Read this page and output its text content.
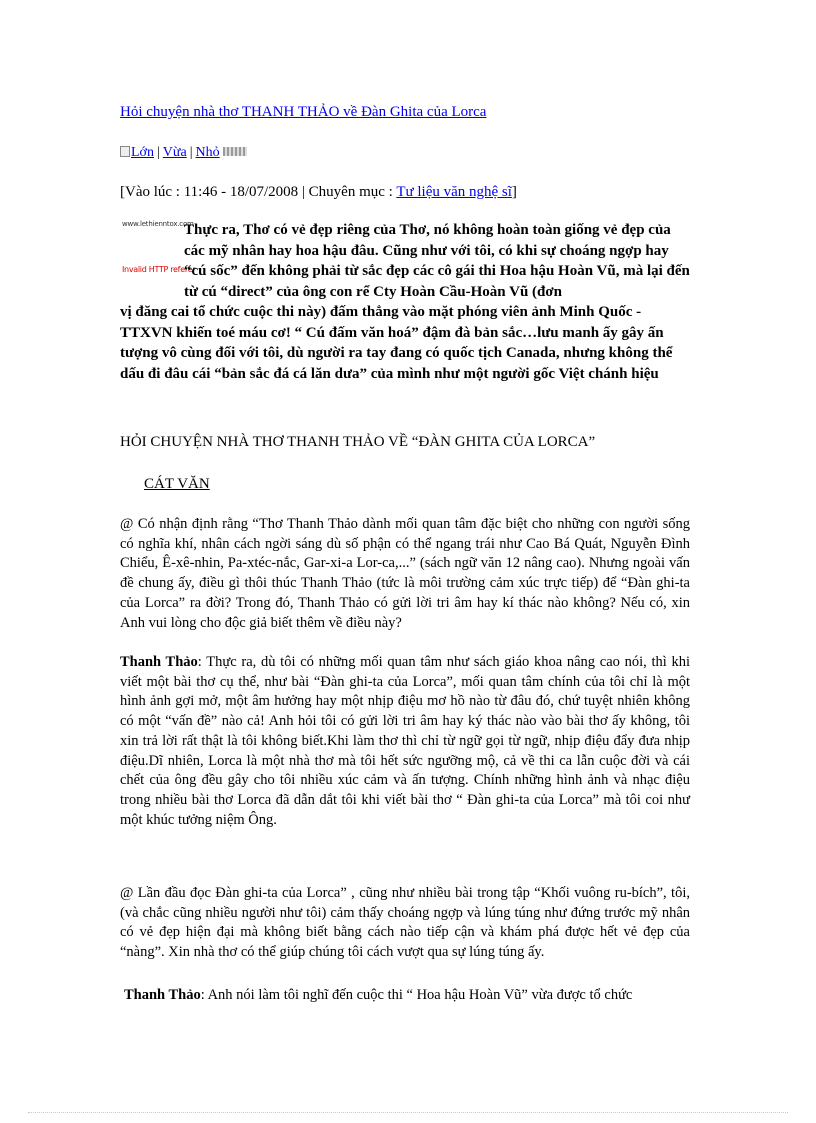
Hỏi chuyện nhà thơ THANH THẢO về Đàn Ghita của Lorca
Lớn | Vừa | Nhỏ
[Vào lúc : 11:46 - 18/07/2008 | Chuyên mục : Tư liệu văn nghệ sĩ]
www.lethienntox.com
Invalid HTTP referer
Thực ra, Thơ có vẻ đẹp riêng của Thơ, nó không hoàn toàn giống vẻ đẹp của các mỹ nhân hay hoa hậu đâu. Cũng như với tôi, có khi sự choáng ngợp hay “cú sốc” đến không phải từ sắc đẹp các cô gái thi Hoa hậu Hoàn Vũ, mà lại đến từ cú “direct” của ông con rể Cty Hoàn Cầu-Hoàn Vũ (đơn
vị đăng cai tổ chức cuộc thi này) đấm thẳng vào mặt phóng viên ảnh Minh Quốc - TTXVN khiến toé máu cơ! “ Cú đấm văn hoá” đậm đà bản sắc…lưu manh ấy gây ấn tượng vô cùng đối với tôi, dù người ra tay đang có quốc tịch Canada, nhưng không thể dấu đi đâu cái “bản sắc đá cá lăn dưa” của mình như một người gốc Việt chánh hiệu
HỎI CHUYỆN NHÀ THƠ THANH THẢO VỀ “ĐÀN GHITA CỦA LORCA”
CÁT VĂN
@ Có nhận định rằng “Thơ Thanh Thảo dành mối quan tâm đặc biệt cho những con người sống có nghĩa khí, nhân cách ngời sáng dù số phận có thể ngang trái như Cao Bá Quát, Nguyễn Đình Chiểu, Ê-xê-nhin, Pa-xtéc-nắc, Gar-xi-a Lor-ca,...” (sách ngữ văn 12 nâng cao). Nhưng ngoài vấn đề chung ấy, điều gì thôi thúc Thanh Thảo (tức là môi trường cảm xúc trực tiếp) để “Đàn ghi-ta của Lorca” ra đời? Trong đó, Thanh Thảo có gửi lời tri âm hay kí thác nào không? Nếu có, xin Anh vui lòng cho độc giả biết thêm về điều này?
Thanh Thảo: Thực ra, dù tôi có những mối quan tâm như sách giáo khoa nâng cao nói, thì khi viết một bài thơ cụ thể, như bài “Đàn ghi-ta của Lorca”, mối quan tâm chính của tôi chỉ là một hình ảnh gợi mở, một âm hưởng hay một nhịp điệu mơ hồ nào từ đâu đó, chứ tuyệt nhiên không có một “vấn đề” nào cả! Anh hỏi tôi có gửi lời tri âm hay ký thác nào vào bài thơ ấy không, tôi xin trả lời rất thật là tôi không biết.Khi làm thơ thì chỉ từ ngữ gọi từ ngữ, nhịp điệu đẩy đưa nhịp điệu.Dĩ nhiên, Lorca là một nhà thơ mà tôi hết sức ngưỡng mộ, cả về thi ca lẫn cuộc đời và cái chết của ông đều gây cho tôi nhiều xúc cảm và ấn tượng. Chính những hình ảnh và nhạc điệu trong nhiều bài thơ Lorca đã dẫn dắt tôi khi viết bài thơ “ Đàn ghi-ta của Lorca” mà tôi coi như một khúc tưởng niệm Ông.
@ Lần đầu đọc Đàn ghi-ta của Lorca” , cũng như nhiều bài trong tập “Khối vuông ru-bích”, tôi, (và chắc cũng nhiều người như tôi) cảm thấy choáng ngợp và lúng túng như đứng trước mỹ nhân có vẻ đẹp hiện đại mà không biết bằng cách nào tiếp cận và khám phá được hết vẻ đẹp của “nàng”. Xin nhà thơ có thể giúp chúng tôi cách vượt qua sự lúng túng ấy.
Thanh Thảo: Anh nói làm tôi nghĩ đến cuộc thi “ Hoa hậu Hoàn Vũ” vừa được tổ chức
